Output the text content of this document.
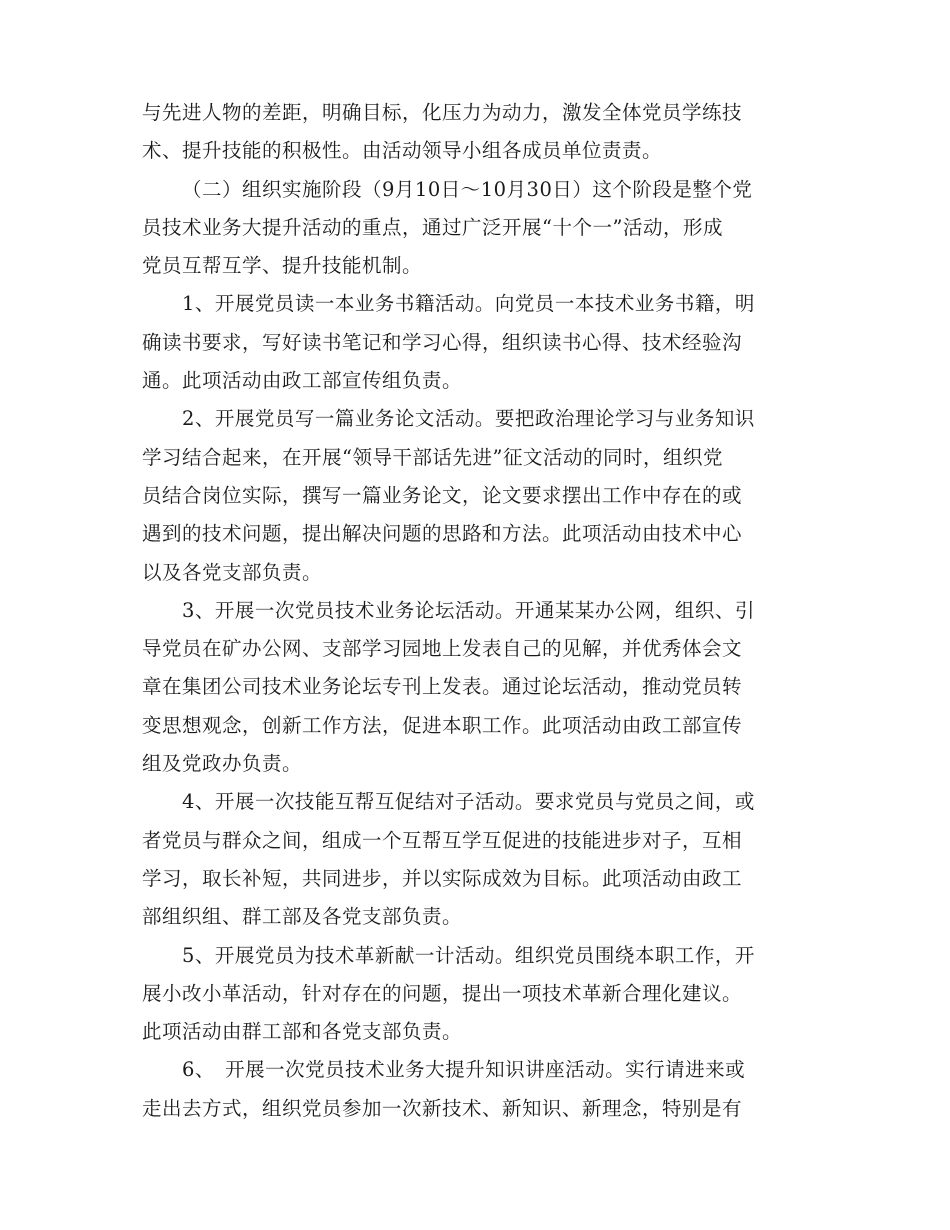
与先进人物的差距，明确目标，化压力为动力，激发全体党员学练技
术、提升技能的积极性。由活动领导小组各成员单位责责。
（二）组织实施阶段（9月10日～10月30日）这个阶段是整个党
员技术业务大提升活动的重点，通过广泛开展“十个一”活动，形成
党员互帮互学、提升技能机制。
1、开展党员读一本业务书籍活动。向党员一本技术业务书籍，明
确读书要求，写好读书笔记和学习心得，组织读书心得、技术经验沟
通。此项活动由政工部宣传组负责。
2、开展党员写一篇业务论文活动。要把政治理论学习与业务知识
学习结合起来，在开展“领导干部话先进”征文活动的同时，组织党
员结合岗位实际，撰写一篇业务论文，论文要求摆出工作中存在的或
遇到的技术问题，提出解决问题的思路和方法。此项活动由技术中心
以及各党支部负责。
3、开展一次党员技术业务论坛活动。开通某某办公网，组织、引
导党员在矿办公网、支部学习园地上发表自己的见解，并优秀体会文
章在集团公司技术业务论坛专刊上发表。通过论坛活动，推动党员转
变思想观念，创新工作方法，促进本职工作。此项活动由政工部宣传
组及党政办负责。
4、开展一次技能互帮互促结对子活动。要求党员与党员之间，或
者党员与群众之间，组成一个互帮互学互促进的技能进步对子，互相
学习，取长补短，共同进步，并以实际成效为目标。此项活动由政工
部组织组、群工部及各党支部负责。
5、开展党员为技术革新献一计活动。组织党员围绕本职工作，开
展小改小革活动，针对存在的问题，提出一项技术革新合理化建议。
此项活动由群工部和各党支部负责。
6、　开展一次党员技术业务大提升知识讲座活动。实行请进来或
走出去方式，组织党员参加一次新技术、新知识、新理念，特别是有
